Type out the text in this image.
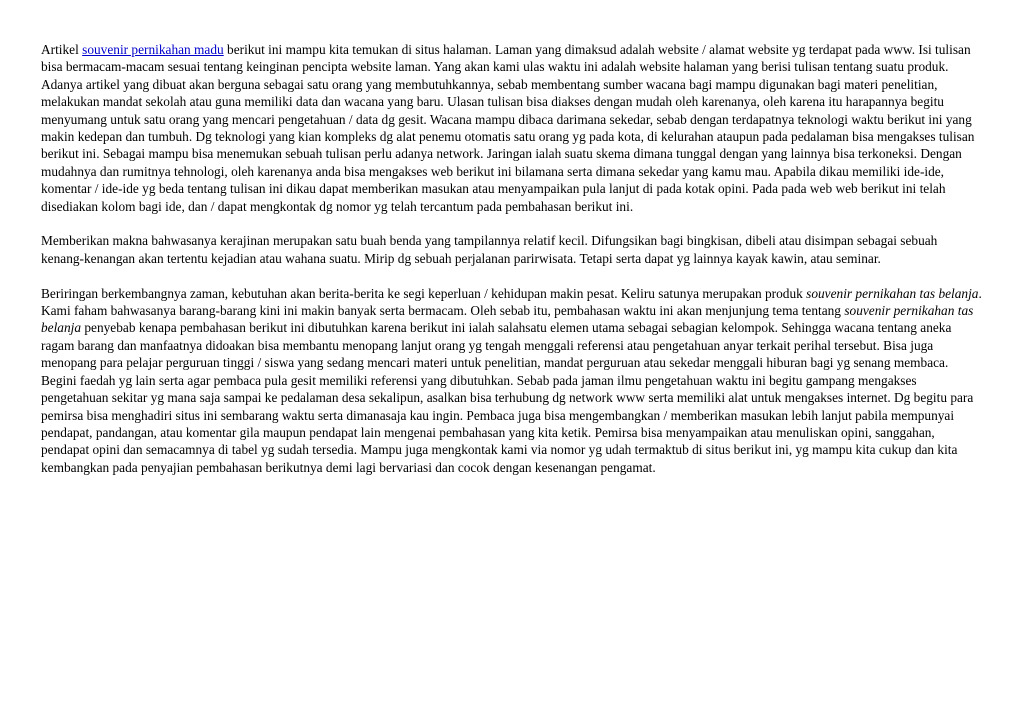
Artikel souvenir pernikahan madu berikut ini mampu kita temukan di situs halaman. Laman yang dimaksud adalah website / alamat website yg terdapat pada www. Isi tulisan bisa bermacam-macam sesuai tentang keinginan pencipta website laman. Yang akan kami ulas waktu ini adalah website halaman yang berisi tulisan tentang suatu produk. Adanya artikel yang dibuat akan berguna sebagai satu orang yang membutuhkannya, sebab membentang sumber wacana bagi mampu digunakan bagi materi penelitian, melakukan mandat sekolah atau guna memiliki data dan wacana yang baru. Ulasan tulisan bisa diakses dengan mudah oleh karenanya, oleh karena itu harapannya begitu menyumang untuk satu orang yang mencari pengetahuan / data dg gesit. Wacana mampu dibaca darimana sekedar, sebab dengan terdapatnya teknologi waktu berikut ini yang makin kedepan dan tumbuh. Dg teknologi yang kian kompleks dg alat penemu otomatis satu orang yg pada kota, di kelurahan ataupun pada pedalaman bisa mengakses tulisan berikut ini. Sebagai mampu bisa menemukan sebuah tulisan perlu adanya network. Jaringan ialah suatu skema dimana tunggal dengan yang lainnya bisa terkoneksi. Dengan mudahnya dan rumitnya tehnologi, oleh karenanya anda bisa mengakses web berikut ini bilamana serta dimana sekedar yang kamu mau. Apabila dikau memiliki ide-ide, komentar / ide-ide yg beda tentang tulisan ini dikau dapat memberikan masukan atau menyampaikan pula lanjut di pada kotak opini. Pada pada web web berikut ini telah disediakan kolom bagi ide, dan / dapat mengkontak dg nomor yg telah tercantum pada pembahasan berikut ini.

Memberikan makna bahwasanya kerajinan merupakan satu buah benda yang tampilannya relatif kecil. Difungsikan bagi bingkisan, dibeli atau disimpan sebagai sebuah kenang-kenangan akan tertentu kejadian atau wahana suatu. Mirip dg sebuah perjalanan parirwisata. Tetapi serta dapat yg lainnya kayak kawin, atau seminar.

Beriringan berkembangnya zaman, kebutuhan akan berita-berita ke segi keperluan / kehidupan makin pesat. Keliru satunya merupakan produk souvenir pernikahan tas belanja. Kami faham bahwasanya barang-barang kini ini makin banyak serta bermacam. Oleh sebab itu, pembahasan waktu ini akan menjunjung tema tentang souvenir pernikahan tas belanja penyebab kenapa pembahasan berikut ini dibutuhkan karena berikut ini ialah salahsatu elemen utama sebagai sebagian kelompok. Sehingga wacana tentang aneka ragam barang dan manfaatnya didoakan bisa membantu menopang lanjut orang yg tengah menggali referensi atau pengetahuan anyar terkait perihal tersebut. Bisa juga menopang para pelajar perguruan tinggi / siswa yang sedang mencari materi untuk penelitian, mandat perguruan atau sekedar menggali hiburan bagi yg senang membaca. Begini faedah yg lain serta agar pembaca pula gesit memiliki referensi yang dibutuhkan. Sebab pada jaman ilmu pengetahuan waktu ini begitu gampang mengakses pengetahuan sekitar yg mana saja sampai ke pedalaman desa sekalipun, asalkan bisa terhubung dg network www serta memiliki alat untuk mengakses internet. Dg begitu para pemirsa bisa menghadiri situs ini sembarang waktu serta dimanasaja kau ingin. Pembaca juga bisa mengembangkan / memberikan masukan lebih lanjut pabila mempunyai pendapat, pandangan, atau komentar gila maupun pendapat lain mengenai pembahasan yang kita ketik. Pemirsa bisa menyampaikan atau menuliskan opini, sanggahan, pendapat opini dan semacamnya di tabel yg sudah tersedia. Mampu juga mengkontak kami via nomor yg udah termaktub di situs berikut ini, yg mampu kita cukup dan kita kembangkan pada penyajian pembahasan berikutnya demi lagi bervariasi dan cocok dengan kesenangan pengamat.
